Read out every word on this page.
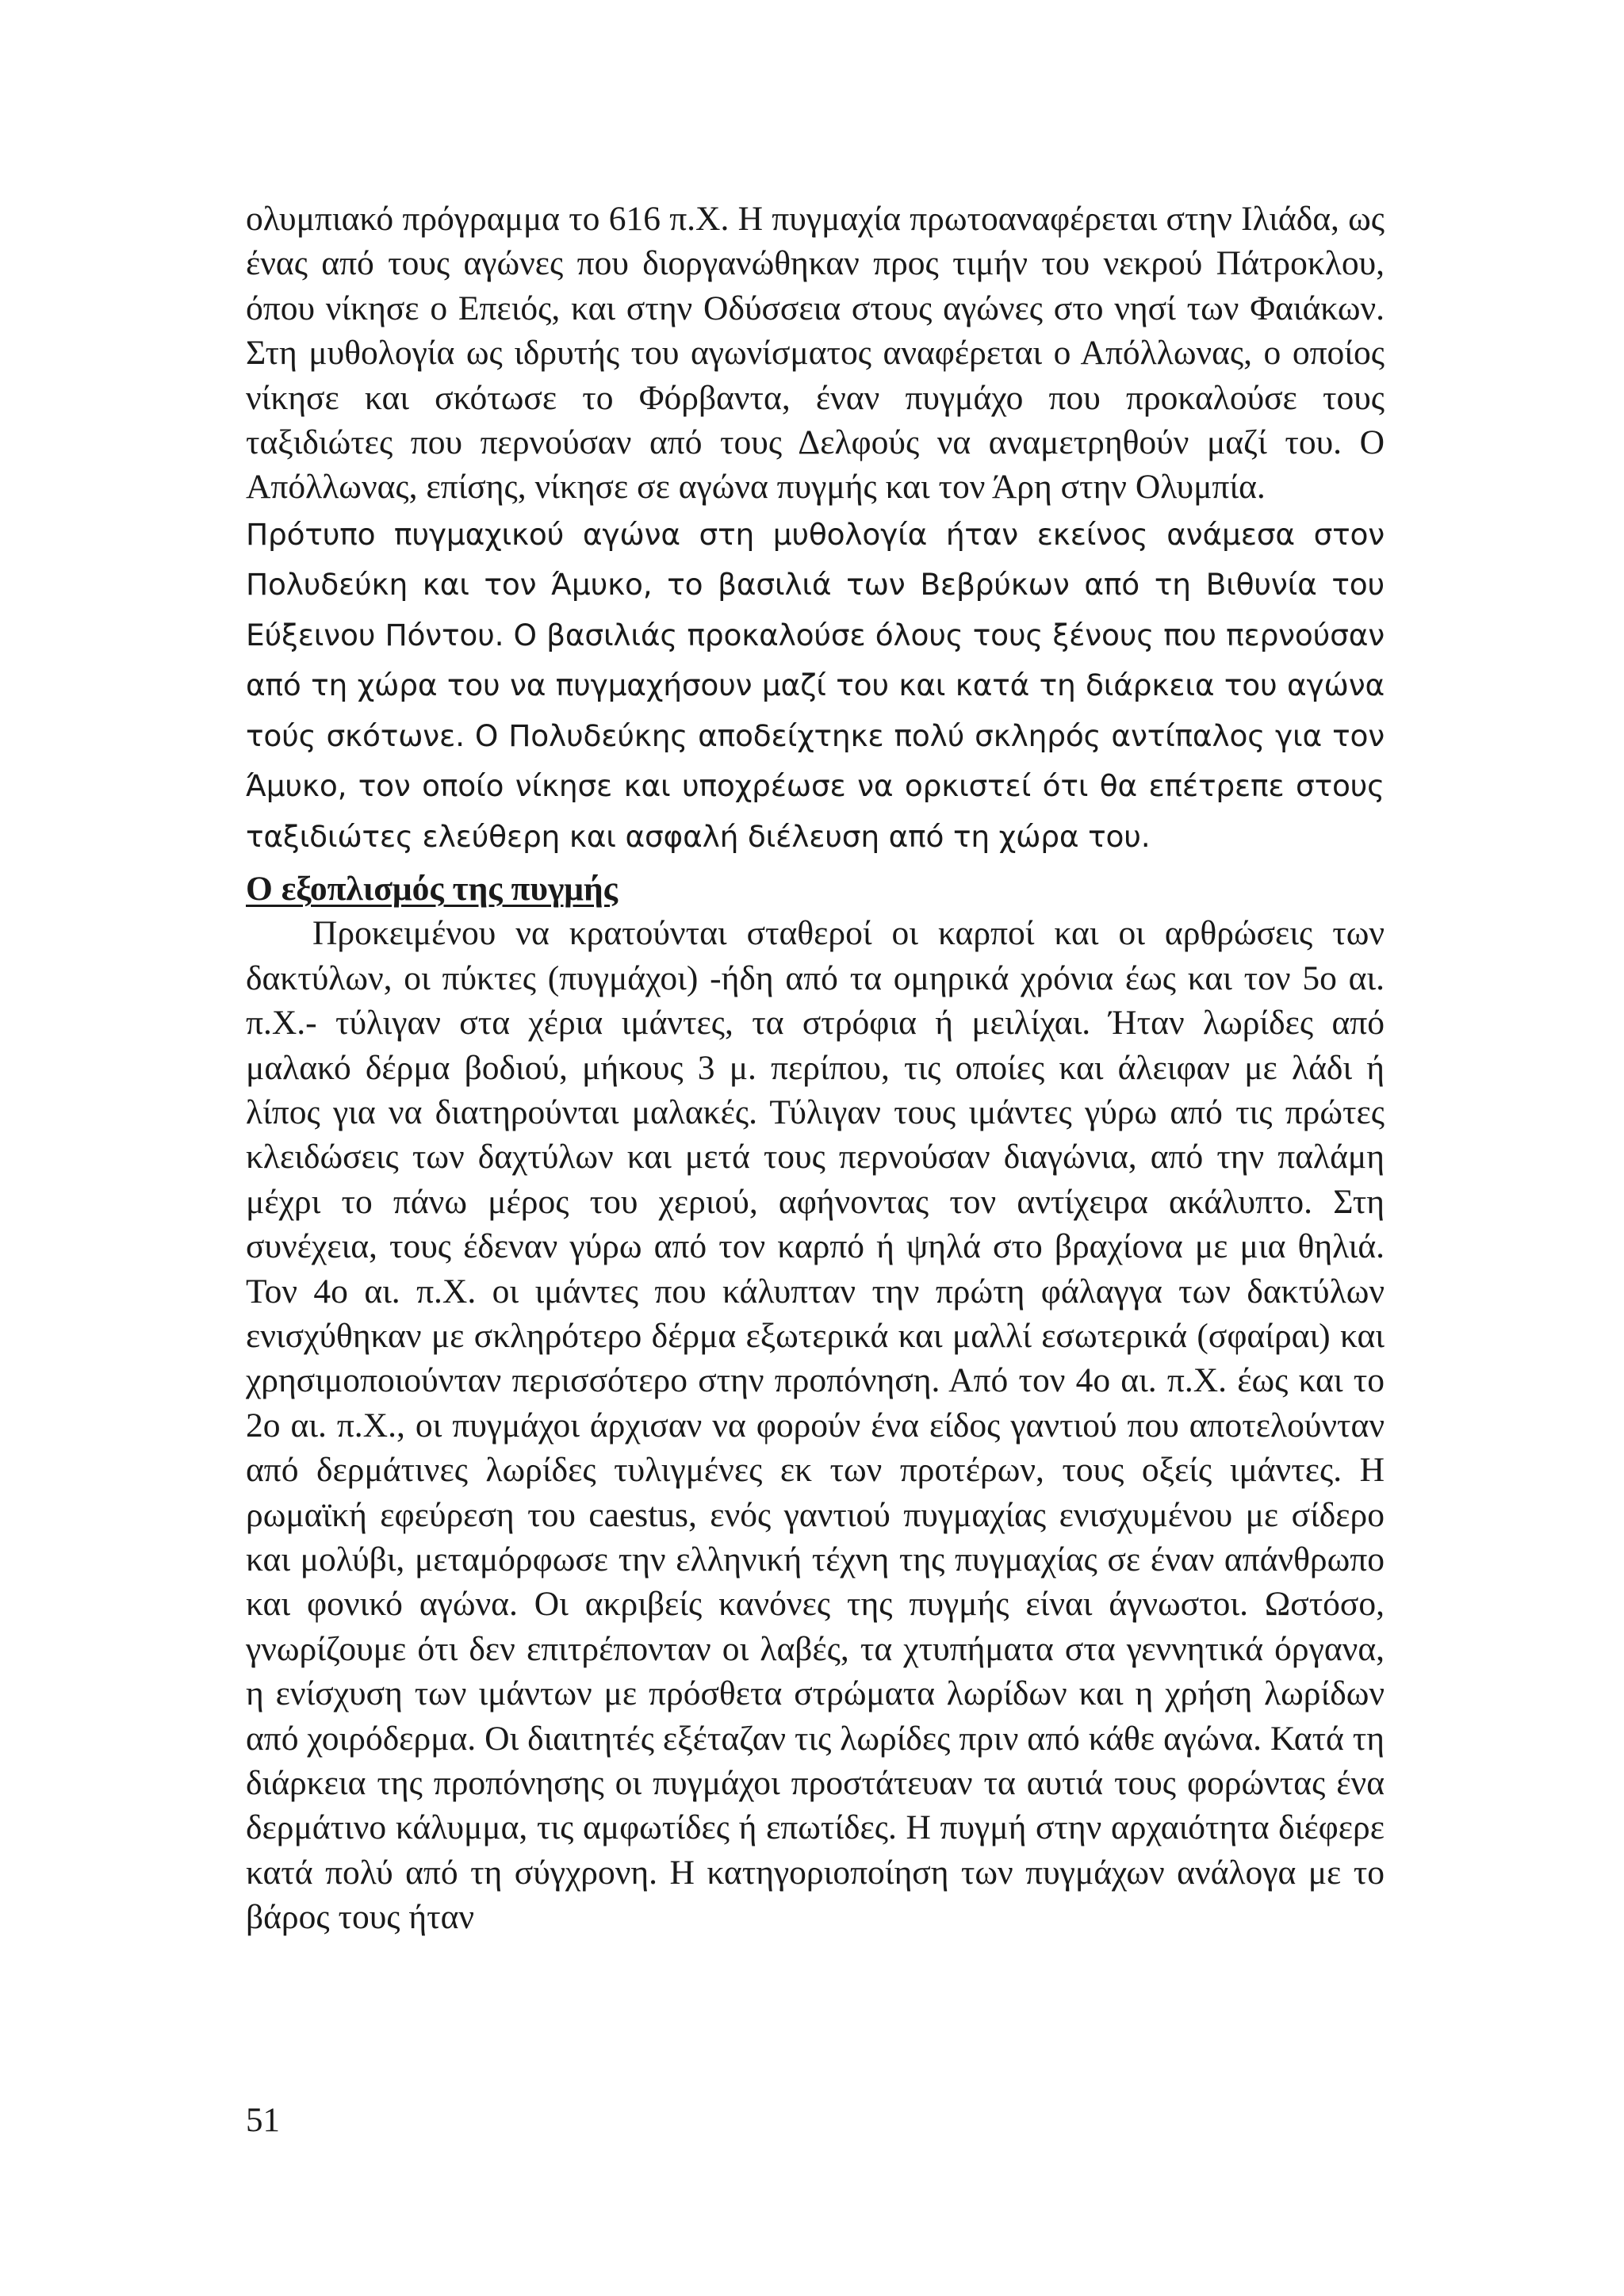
ολυμπιακό πρόγραμμα το 616 π.Χ. Η πυγμαχία πρωτοαναφέρεται στην Ιλιάδα, ως ένας από τους αγώνες που διοργανώθηκαν προς τιμήν του νεκρού Πάτροκλου, όπου νίκησε ο Επειός, και στην Οδύσσεια στους αγώνες στο νησί των Φαιάκων. Στη μυθολογία ως ιδρυτής του αγωνίσματος αναφέρεται ο Απόλλωνας, ο οποίος νίκησε και σκότωσε το Φόρβαντα, έναν πυγμάχο που προκαλούσε τους ταξιδιώτες που περνούσαν από τους Δελφούς να αναμετρηθούν μαζί του. Ο Απόλλωνας, επίσης, νίκησε σε αγώνα πυγμής και τον Άρη στην Ολυμπία.

Πρότυπο πυγμαχικού αγώνα στη μυθολογία ήταν εκείνος ανάμεσα στον Πολυδεύκη και τον Άμυκο, το βασιλιά των Βεβρύκων από τη Βιθυνία του Εύξεινου Πόντου. Ο βασιλιάς προκαλούσε όλους τους ξένους που περνούσαν από τη χώρα του να πυγμαχήσουν μαζί του και κατά τη διάρκεια του αγώνα τούς σκότωνε. Ο Πολυδεύκης αποδείχτηκε πολύ σκληρός αντίπαλος για τον Άμυκο, τον οποίο νίκησε και υποχρέωσε να ορκιστεί ότι θα επέτρεπε στους ταξιδιώτες ελεύθερη και ασφαλή διέλευση από τη χώρα του.

Ο εξοπλισμός της πυγμής

Προκειμένου να κρατούνται σταθεροί οι καρποί και οι αρθρώσεις των δακτύλων, οι πύκτες (πυγμάχοι) -ήδη από τα ομηρικά χρόνια έως και τον 5ο αι. π.Χ.- τύλιγαν στα χέρια ιμάντες, τα στρόφια ή μειλίχαι. Ήταν λωρίδες από μαλακό δέρμα βοδιού, μήκους 3 μ. περίπου, τις οποίες και άλειφαν με λάδι ή λίπος για να διατηρούνται μαλακές. Τύλιγαν τους ιμάντες γύρω από τις πρώτες κλειδώσεις των δαχτύλων και μετά τους περνούσαν διαγώνια, από την παλάμη μέχρι το πάνω μέρος του χεριού, αφήνοντας τον αντίχειρα ακάλυπτο. Στη συνέχεια, τους έδεναν γύρω από τον καρπό ή ψηλά στο βραχίονα με μια θηλιά. Τον 4ο αι. π.Χ. οι ιμάντες που κάλυπταν την πρώτη φάλαγγα των δακτύλων ενισχύθηκαν με σκληρότερο δέρμα εξωτερικά και μαλλί εσωτερικά (σφαίραι) και χρησιμοποιούνταν περισσότερο στην προπόνηση. Από τον 4ο αι. π.Χ. έως και το 2ο αι. π.Χ., οι πυγμάχοι άρχισαν να φορούν ένα είδος γαντιού που αποτελούνταν από δερμάτινες λωρίδες τυλιγμένες εκ των προτέρων, τους οξείς ιμάντες. Η ρωμαϊκή εφεύρεση του caestus, ενός γαντιού πυγμαχίας ενισχυμένου με σίδερο και μολύβι, μεταμόρφωσε την ελληνική τέχνη της πυγμαχίας σε έναν απάνθρωπο και φονικό αγώνα. Οι ακριβείς κανόνες της πυγμής είναι άγνωστοι. Ωστόσο, γνωρίζουμε ότι δεν επιτρέπονταν οι λαβές, τα χτυπήματα στα γεννητικά όργανα, η ενίσχυση των ιμάντων με πρόσθετα στρώματα λωρίδων και η χρήση λωρίδων από χοιρόδερμα. Οι διαιτητές εξέταζαν τις λωρίδες πριν από κάθε αγώνα. Κατά τη διάρκεια της προπόνησης οι πυγμάχοι προστάτευαν τα αυτιά τους φορώντας ένα δερμάτινο κάλυμμα, τις αμφωτίδες ή επωτίδες. Η πυγμή στην αρχαιότητα διέφερε κατά πολύ από τη σύγχρονη. Η κατηγοριοποίηση των πυγμάχων ανάλογα με το βάρος τους ήταν

51
